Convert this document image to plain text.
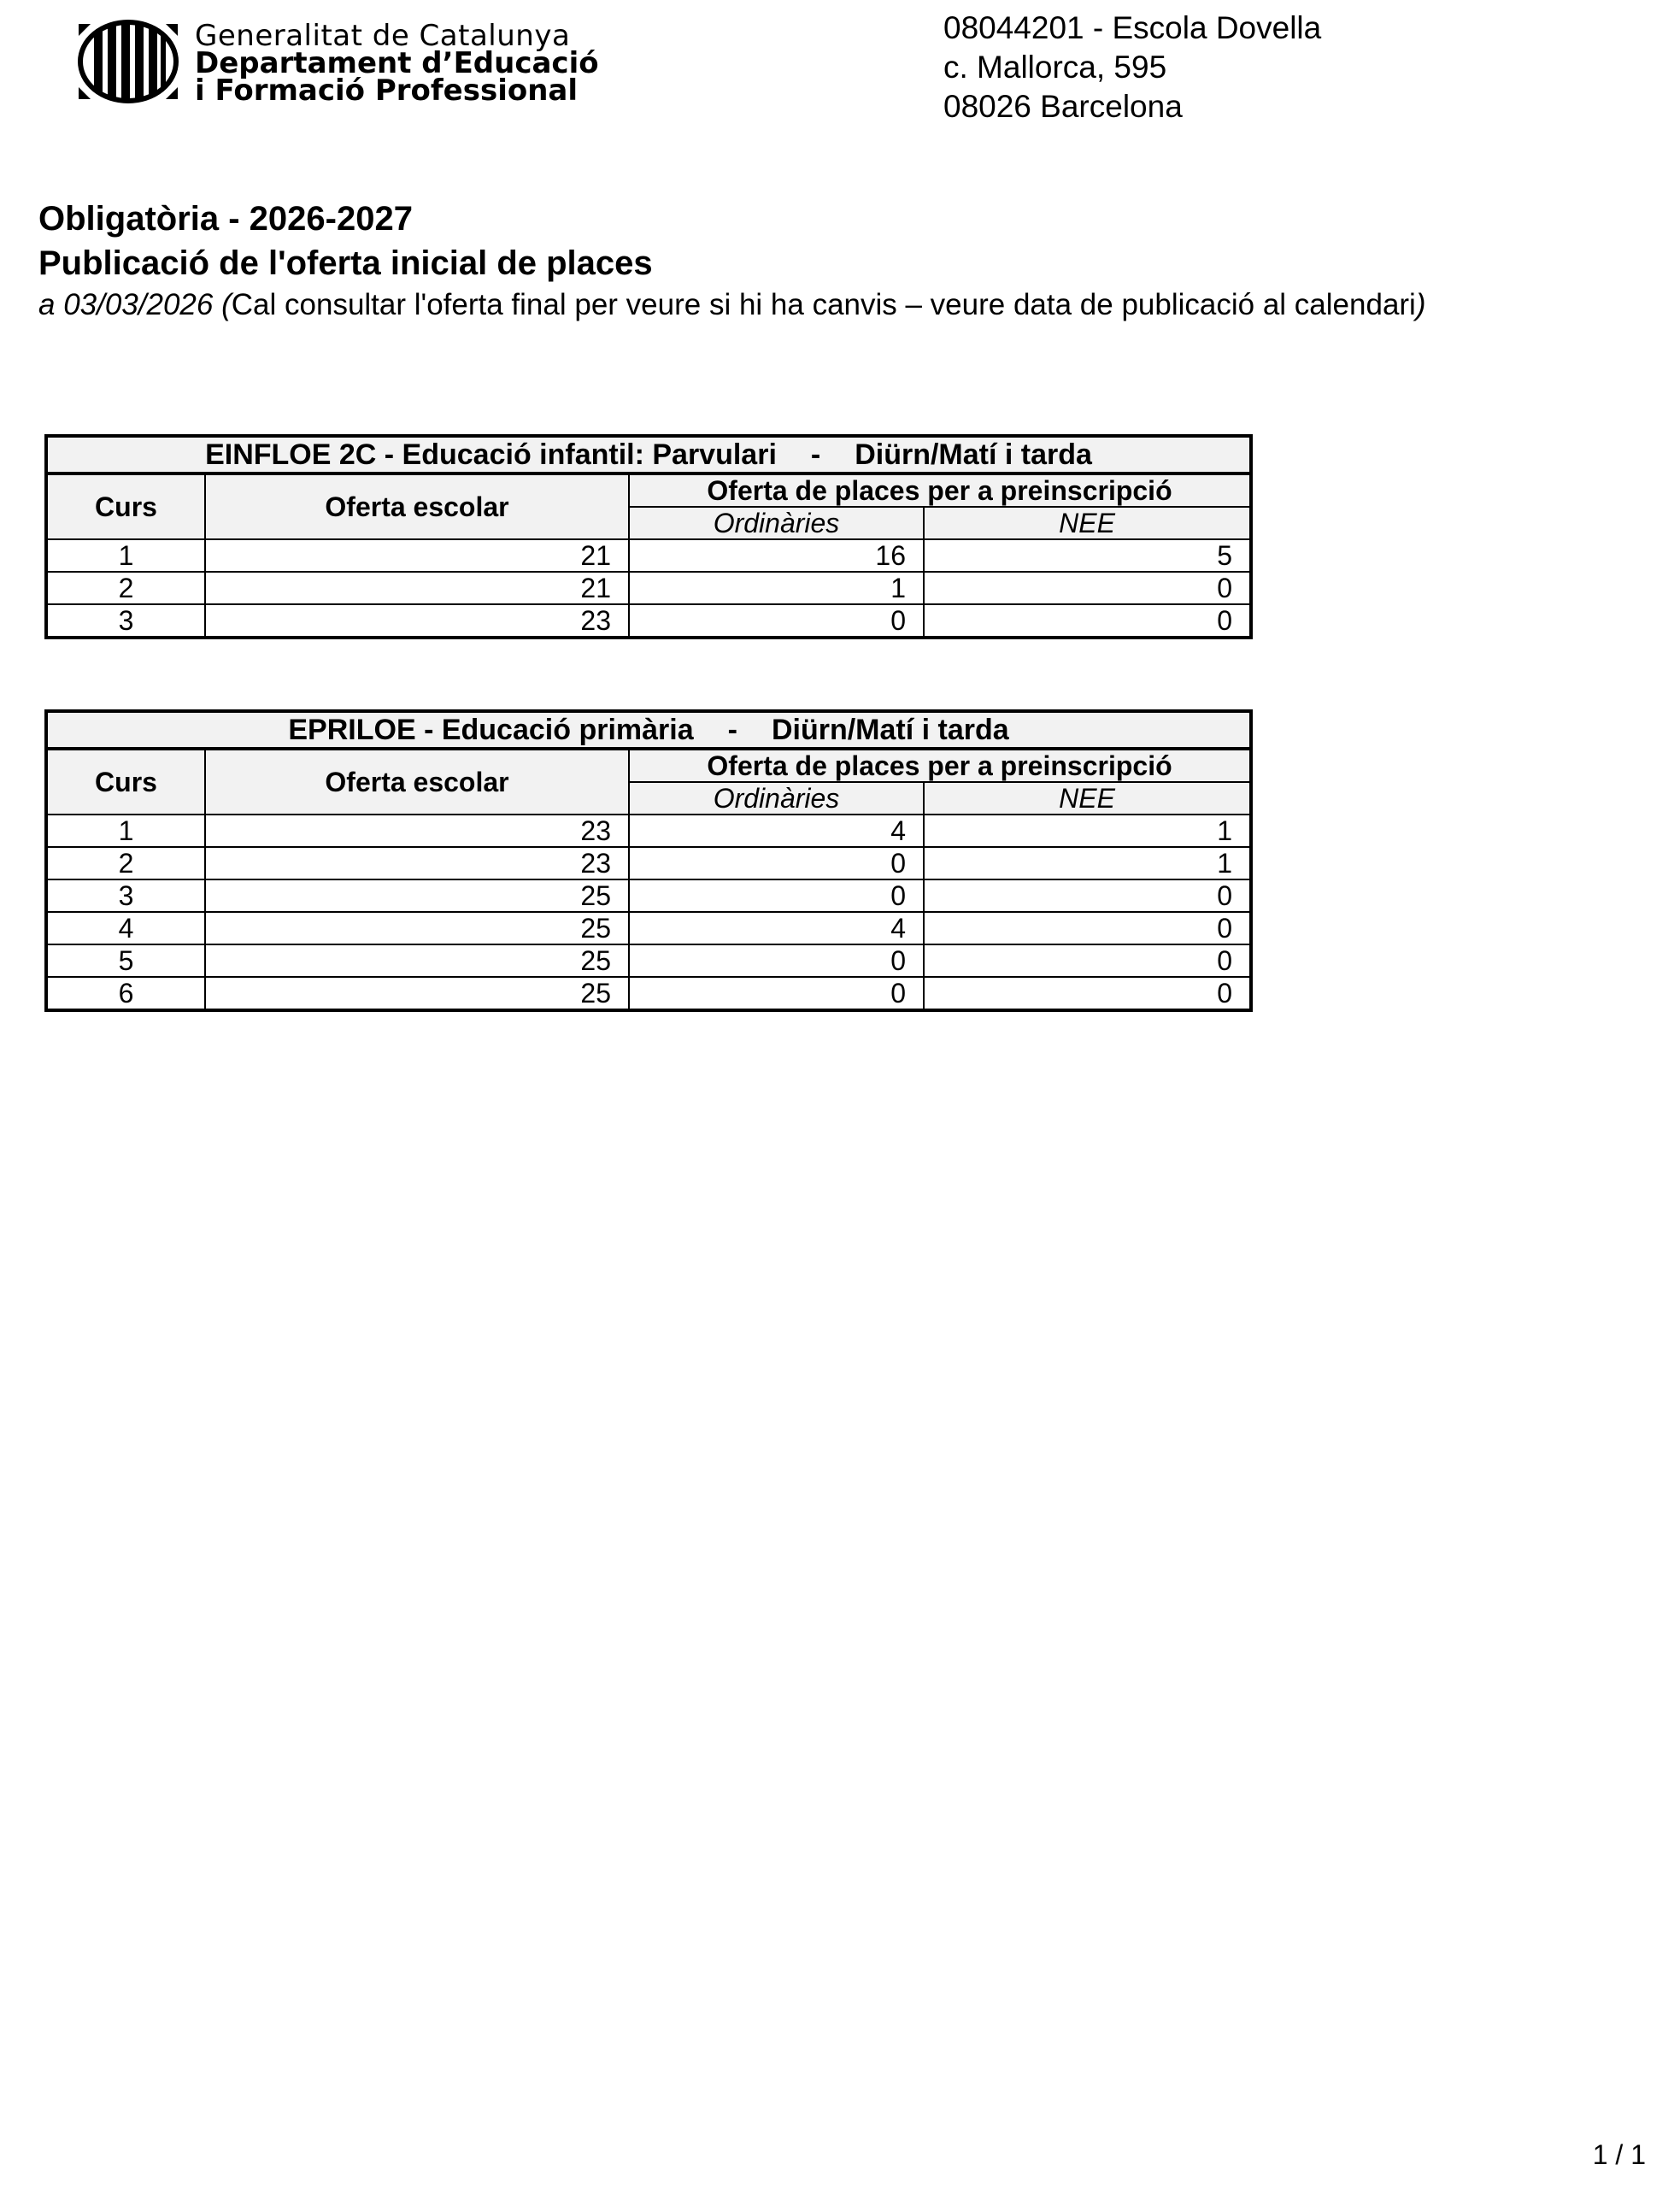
Generalitat de Catalunya
Departament d’Educació
i Formació Professional
08044201 - Escola Dovella
c. Mallorca, 595
08026 Barcelona
Obligatòria - 2026-2027
Publicació de l'oferta inicial de places
a 03/03/2026 (Cal consultar l'oferta final per veure si hi ha canvis – veure data de publicació al calendari)
EINFLOE 2C - Educació infantil: Parvulari - Diürn/Matí i tarda			
Curs	Oferta escolar	Oferta de places per a preinscripció	
		Ordinàries	NEE
1	21	16	5
2	21	1	0
3	23	0	0
EPRILOE - Educació primària - Diürn/Matí i tarda			
Curs	Oferta escolar	Oferta de places per a preinscripció	
		Ordinàries	NEE
1	23	4	1
2	23	0	1
3	25	0	0
4	25	4	0
5	25	0	0
6	25	0	0
1 / 1
